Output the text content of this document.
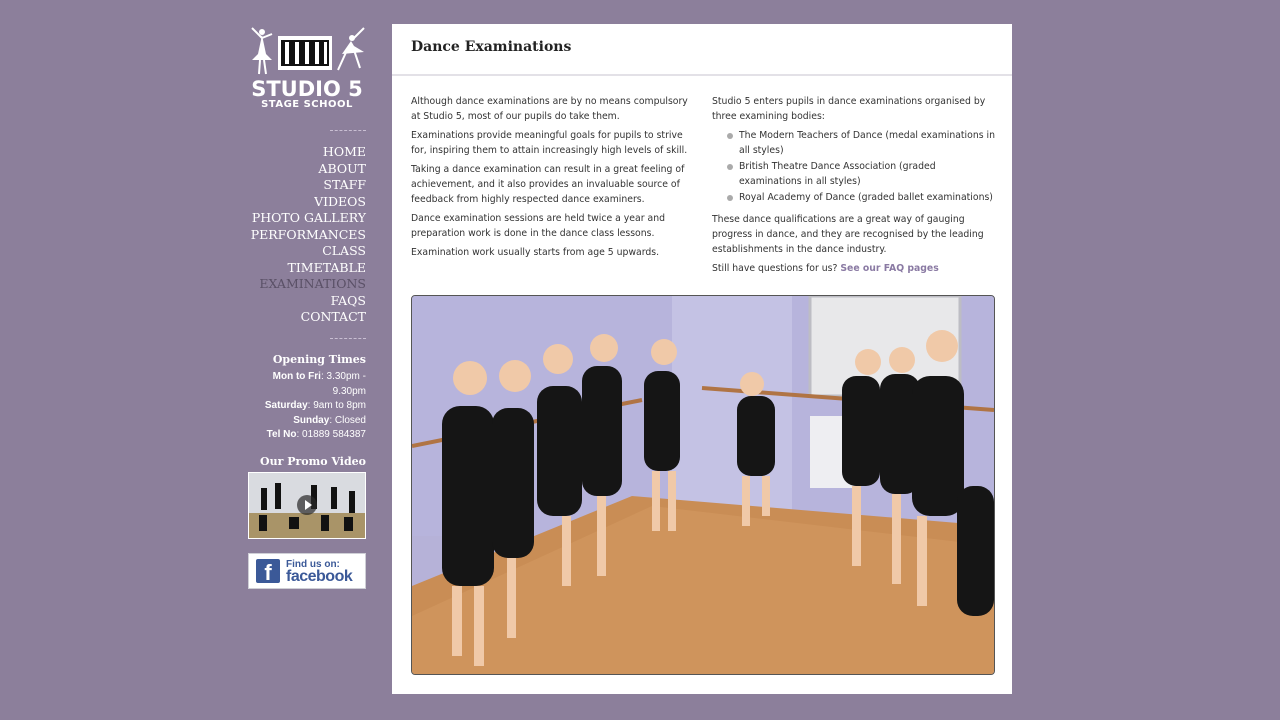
STUDIO 5
STAGE SCHOOL
HOME
ABOUT
STAFF
VIDEOS
PHOTO GALLERY
PERFORMANCES
CLASS TIMETABLE
EXAMINATIONS
FAQS
CONTACT
Opening Times
Mon to Fri: 3.30pm - 9.30pm
Saturday: 9am to 8pm
Sunday: Closed
Tel No: 01889 584387
Our Promo Video
f	Find us on:
facebook
Dance Examinations

Although dance examinations are by no means compulsory at Studio 5, most of our pupils do take them.

Examinations provide meaningful goals for pupils to strive for, inspiring them to attain increasingly high levels of skill.

Taking a dance examination can result in a great feeling of achievement, and it also provides an invaluable source of feedback from highly respected dance examiners.

Dance examination sessions are held twice a year and preparation work is done in the dance class lessons.

Examination work usually starts from age 5 upwards.

Studio 5 enters pupils in dance examinations organised by three examining bodies:

The Modern Teachers of Dance (medal examinations in all styles)
British Theatre Dance Association (graded examinations in all styles)
Royal Academy of Dance (graded ballet examinations)

These dance qualifications are a great way of gauging progress in dance, and they are recognised by the leading establishments in the dance industry.

Still have questions for us? See our FAQ pages
